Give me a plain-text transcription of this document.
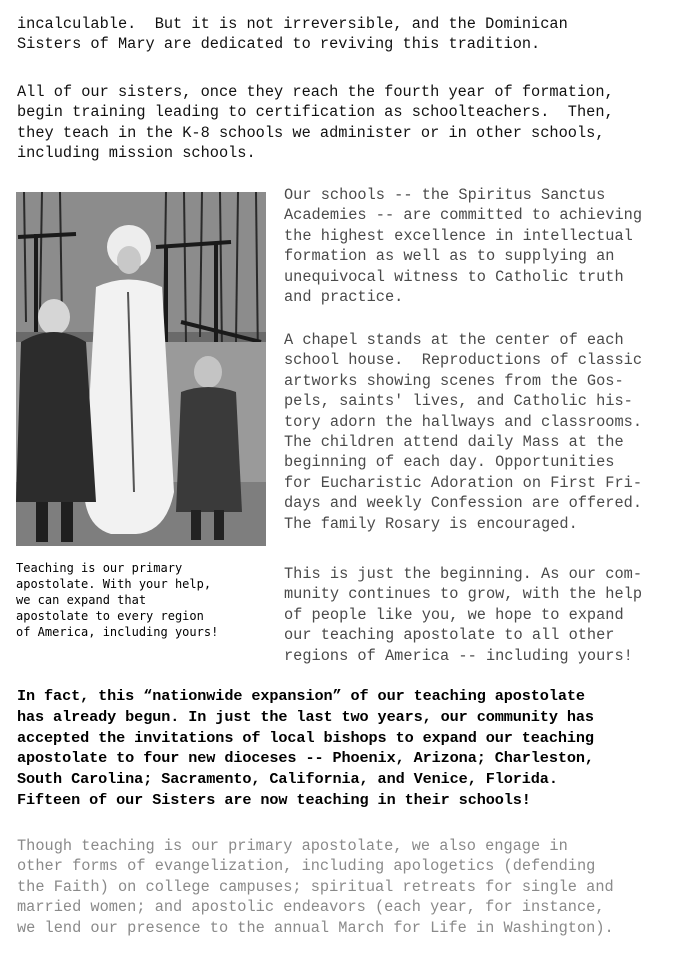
incalculable.  But it is not irreversible, and the Dominican
Sisters of Mary are dedicated to reviving this tradition.
All of our sisters, once they reach the fourth year of formation,
begin training leading to certification as schoolteachers.  Then,
they teach in the K-8 schools we administer or in other schools,
including mission schools.
Teaching is our primary
apostolate. With your help,
we can expand that
apostolate to every region
of America, including yours!
Our schools -- the Spiritus Sanctus
Academies -- are committed to achieving
the highest excellence in intellectual
formation as well as to supplying an
unequivocal witness to Catholic truth
and practice.
A chapel stands at the center of each
school house.  Reproductions of classic
artworks showing scenes from the Gos-
pels, saints' lives, and Catholic his-
tory adorn the hallways and classrooms.
The children attend daily Mass at the
beginning of each day. Opportunities
for Eucharistic Adoration on First Fri-
days and weekly Confession are offered.
The family Rosary is encouraged.
This is just the beginning. As our com-
munity continues to grow, with the help
of people like you, we hope to expand
our teaching apostolate to all other
regions of America -- including yours!
In fact, this “nationwide expansion” of our teaching apostolate
has already begun. In just the last two years, our community has
accepted the invitations of local bishops to expand our teaching
apostolate to four new dioceses -- Phoenix, Arizona; Charleston,
South Carolina; Sacramento, California, and Venice, Florida.
Fifteen of our Sisters are now teaching in their schools!
Though teaching is our primary apostolate, we also engage in
other forms of evangelization, including apologetics (defending
the Faith) on college campuses; spiritual retreats for single and
married women; and apostolic endeavors (each year, for instance,
we lend our presence to the annual March for Life in Washington).
